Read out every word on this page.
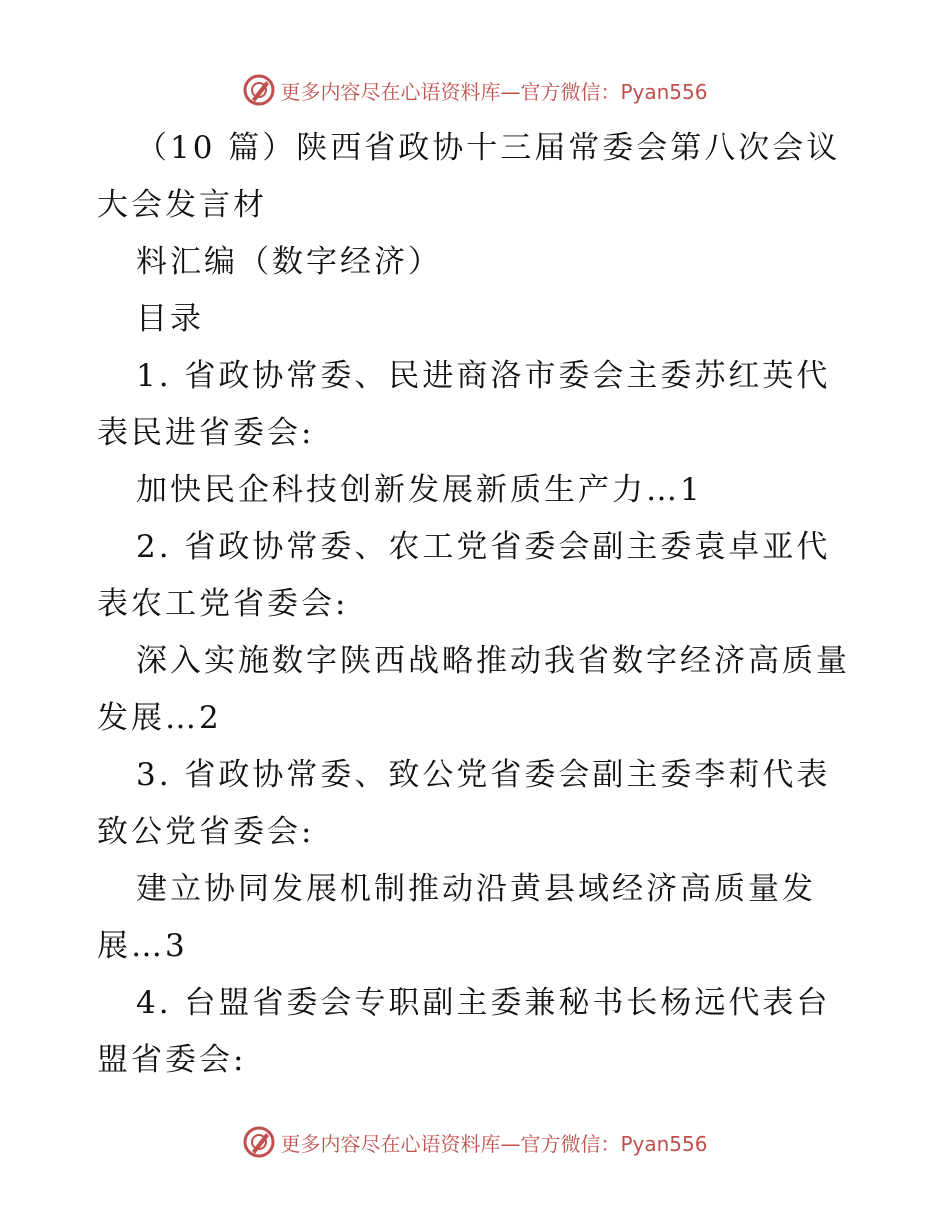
更多内容尽在心语资料库—官方微信：Pyan556
（10 篇）陕西省政协十三届常委会第八次会议
大会发言材
料汇编（数字经济）
目录
1. 省政协常委、民进商洛市委会主委苏红英代
表民进省委会:
加快民企科技创新发展新质生产力…1
2. 省政协常委、农工党省委会副主委袁卓亚代
表农工党省委会:
深入实施数字陕西战略推动我省数字经济高质量
发展…2
3. 省政协常委、致公党省委会副主委李莉代表
致公党省委会:
建立协同发展机制推动沿黄县域经济高质量发
展…3
4. 台盟省委会专职副主委兼秘书长杨远代表台
盟省委会:
更多内容尽在心语资料库—官方微信：Pyan556
